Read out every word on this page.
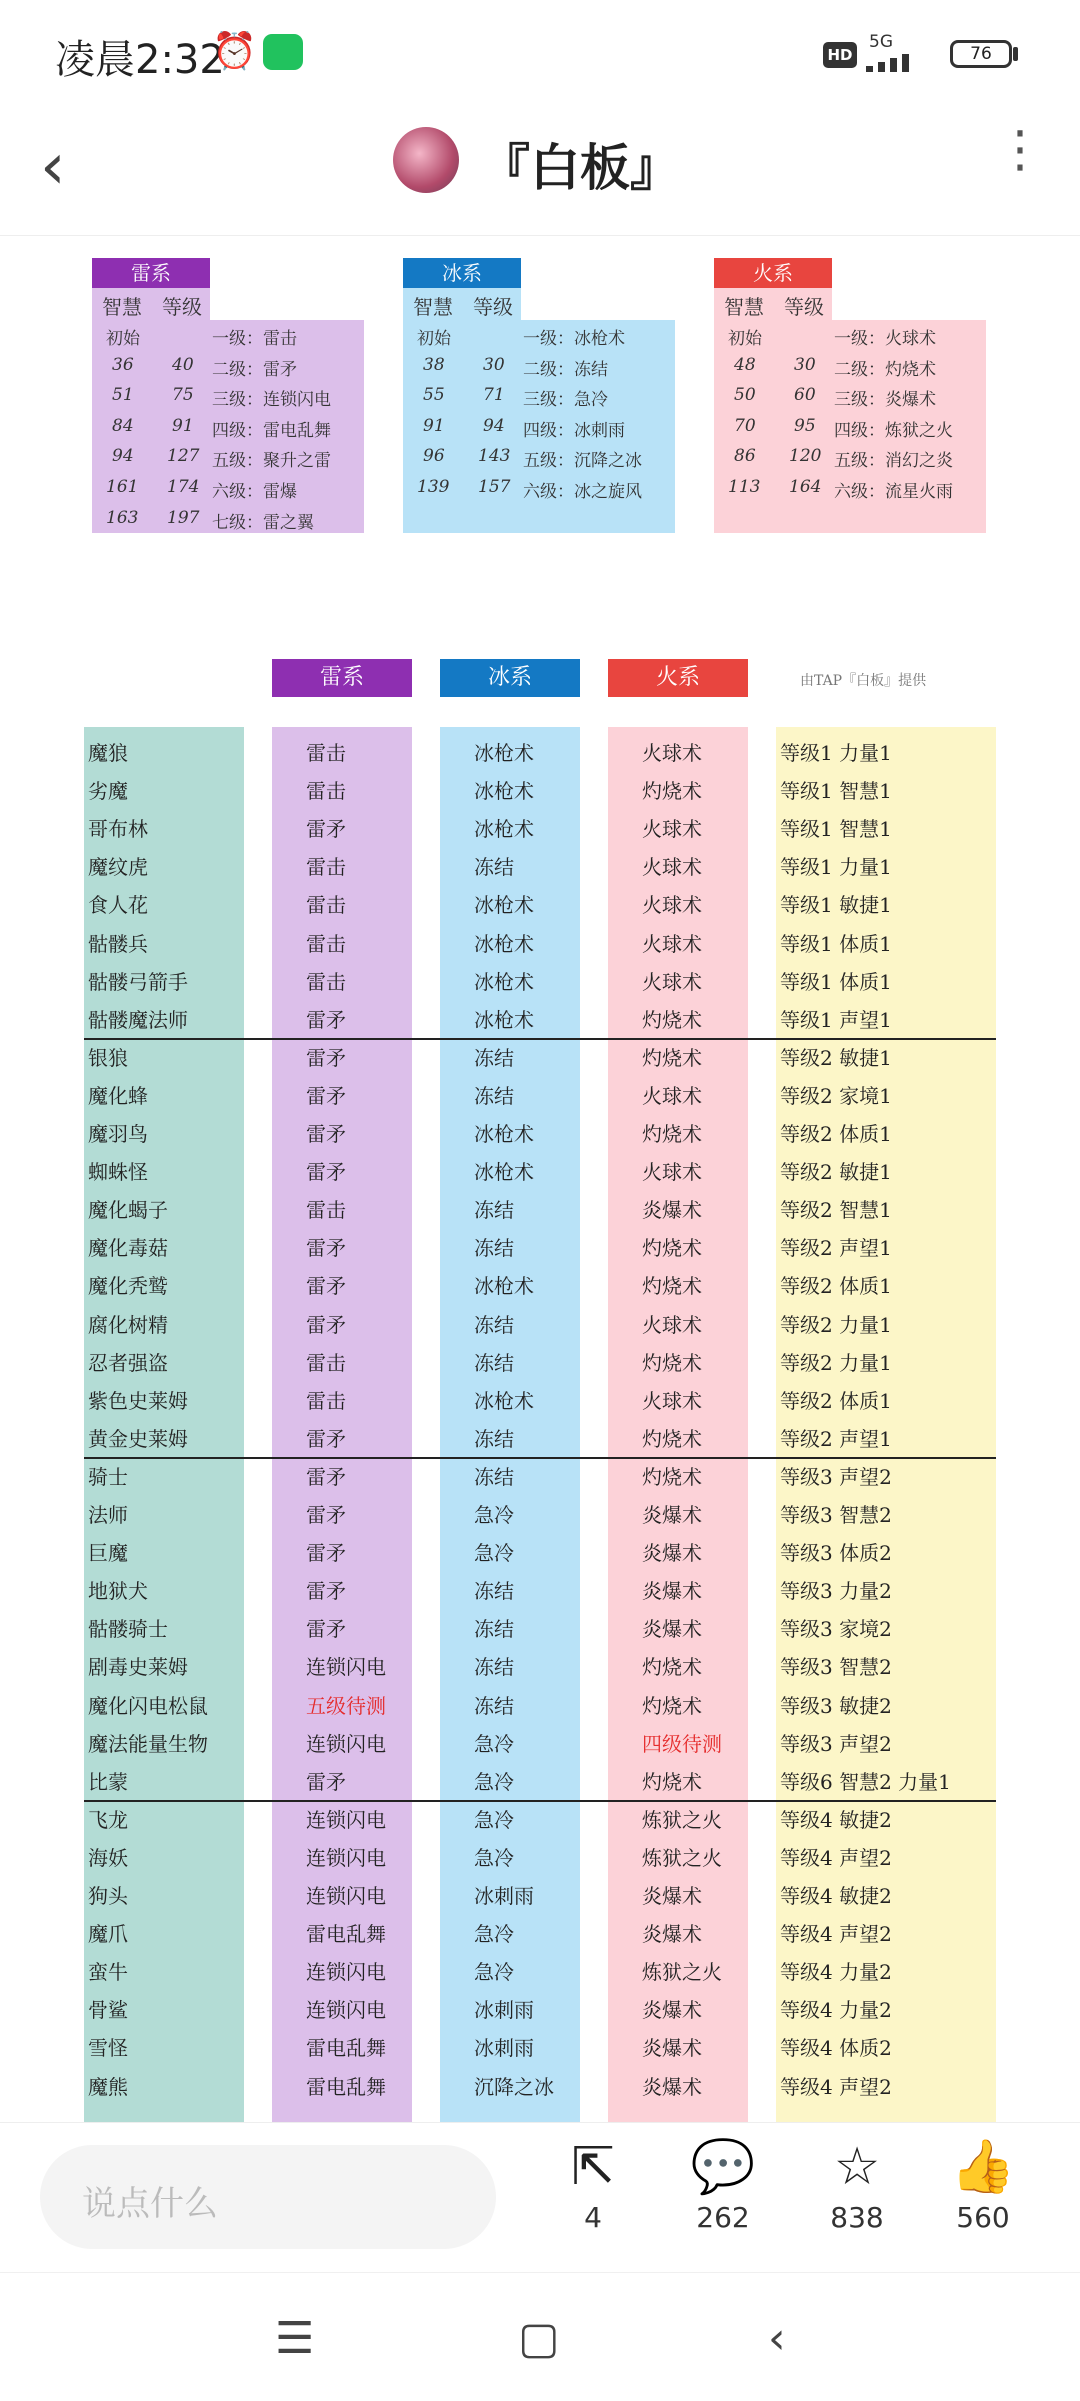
凌晨2:32
⏰	HD
5G
76
‹	『白板』	⋮
雷系
智慧 等级
初始	一级：雷击
36 40 二级：雷矛
51 75 三级：连锁闪电
84 91 四级：雷电乱舞
94 127 五级：聚升之雷
161 174 六级：雷爆
163 197 七级：雷之翼
冰系
智慧 等级
初始	一级：冰枪术
38 30 二级：冻结
55 71 三级：急冷
91 94 四级：冰刺雨
96 143 五级：沉降之冰
139 157 六级：冰之旋风
火系
智慧 等级
初始	一级：火球术
48 30 二级：灼烧术
50 60 三级：炎爆术
70 95 四级：炼狱之火
86 120 五级：消幻之炎
113 164 六级：流星火雨
雷系	冰系	火系	由TAP『白板』提供
魔狼	雷击	冰枪术	火球术	等级1 力量1
劣魔	雷击	冰枪术	灼烧术	等级1 智慧1
哥布林	雷矛	冰枪术	火球术	等级1 智慧1
魔纹虎	雷击	冻结	火球术	等级1 力量1
食人花	雷击	冰枪术	火球术	等级1 敏捷1
骷髅兵	雷击	冰枪术	火球术	等级1 体质1
骷髅弓箭手	雷击	冰枪术	火球术	等级1 体质1
骷髅魔法师	雷矛	冰枪术	灼烧术	等级1 声望1
银狼	雷矛	冻结	灼烧术	等级2 敏捷1
魔化蜂	雷矛	冻结	火球术	等级2 家境1
魔羽鸟	雷矛	冰枪术	灼烧术	等级2 体质1
蜘蛛怪	雷矛	冰枪术	火球术	等级2 敏捷1
魔化蝎子	雷击	冻结	炎爆术	等级2 智慧1
魔化毒菇	雷矛	冻结	灼烧术	等级2 声望1
魔化秃鹫	雷矛	冰枪术	灼烧术	等级2 体质1
腐化树精	雷矛	冻结	火球术	等级2 力量1
忍者强盗	雷击	冻结	灼烧术	等级2 力量1
紫色史莱姆	雷击	冰枪术	火球术	等级2 体质1
黄金史莱姆	雷矛	冻结	灼烧术	等级2 声望1
骑士	雷矛	冻结	灼烧术	等级3 声望2
法师	雷矛	急冷	炎爆术	等级3 智慧2
巨魔	雷矛	急冷	炎爆术	等级3 体质2
地狱犬	雷矛	冻结	炎爆术	等级3 力量2
骷髅骑士	雷矛	冻结	炎爆术	等级3 家境2
剧毒史莱姆	连锁闪电	冻结	灼烧术	等级3 智慧2
魔化闪电松鼠	五级待测	冻结	灼烧术	等级3 敏捷2
魔法能量生物	连锁闪电	急冷	四级待测	等级3 声望2
比蒙	雷矛	急冷	灼烧术	等级6 智慧2 力量1
飞龙	连锁闪电	急冷	炼狱之火	等级4 敏捷2
海妖	连锁闪电	急冷	炼狱之火	等级4 声望2
狗头	连锁闪电	冰刺雨	炎爆术	等级4 敏捷2
魔爪	雷电乱舞	急冷	炎爆术	等级4 声望2
蛮牛	连锁闪电	急冷	炼狱之火	等级4 力量2
骨鲨	连锁闪电	冰刺雨	炎爆术	等级4 力量2
雪怪	雷电乱舞	冰刺雨	炎爆术	等级4 体质2
魔熊	雷电乱舞	沉降之冰	炎爆术	等级4 声望2
说点什么
⇱
4
💬
262
☆
838
👍
560
☰	▢	‹
